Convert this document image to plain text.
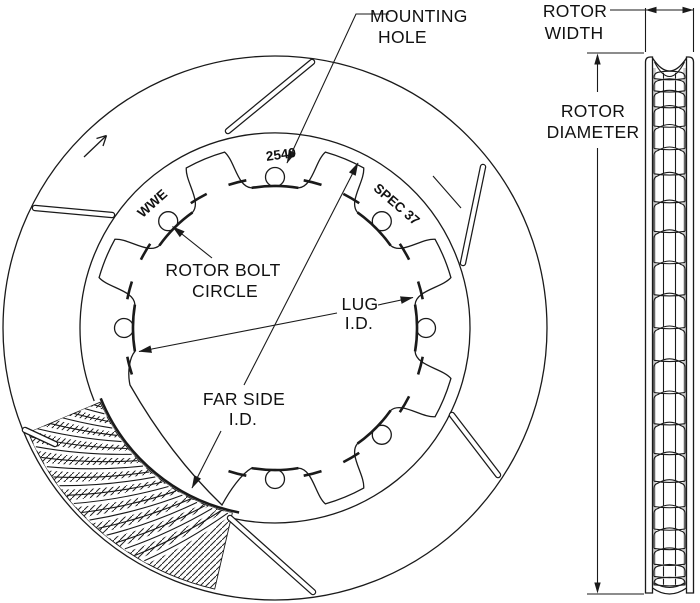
MOUNTING
HOLE
ROTOR BOLT
CIRCLE
LUG
I.D.
FAR SIDE
I.D.
2540
WWE	SPEC 37
ROTOR
WIDTH
ROTOR
DIAMETER
